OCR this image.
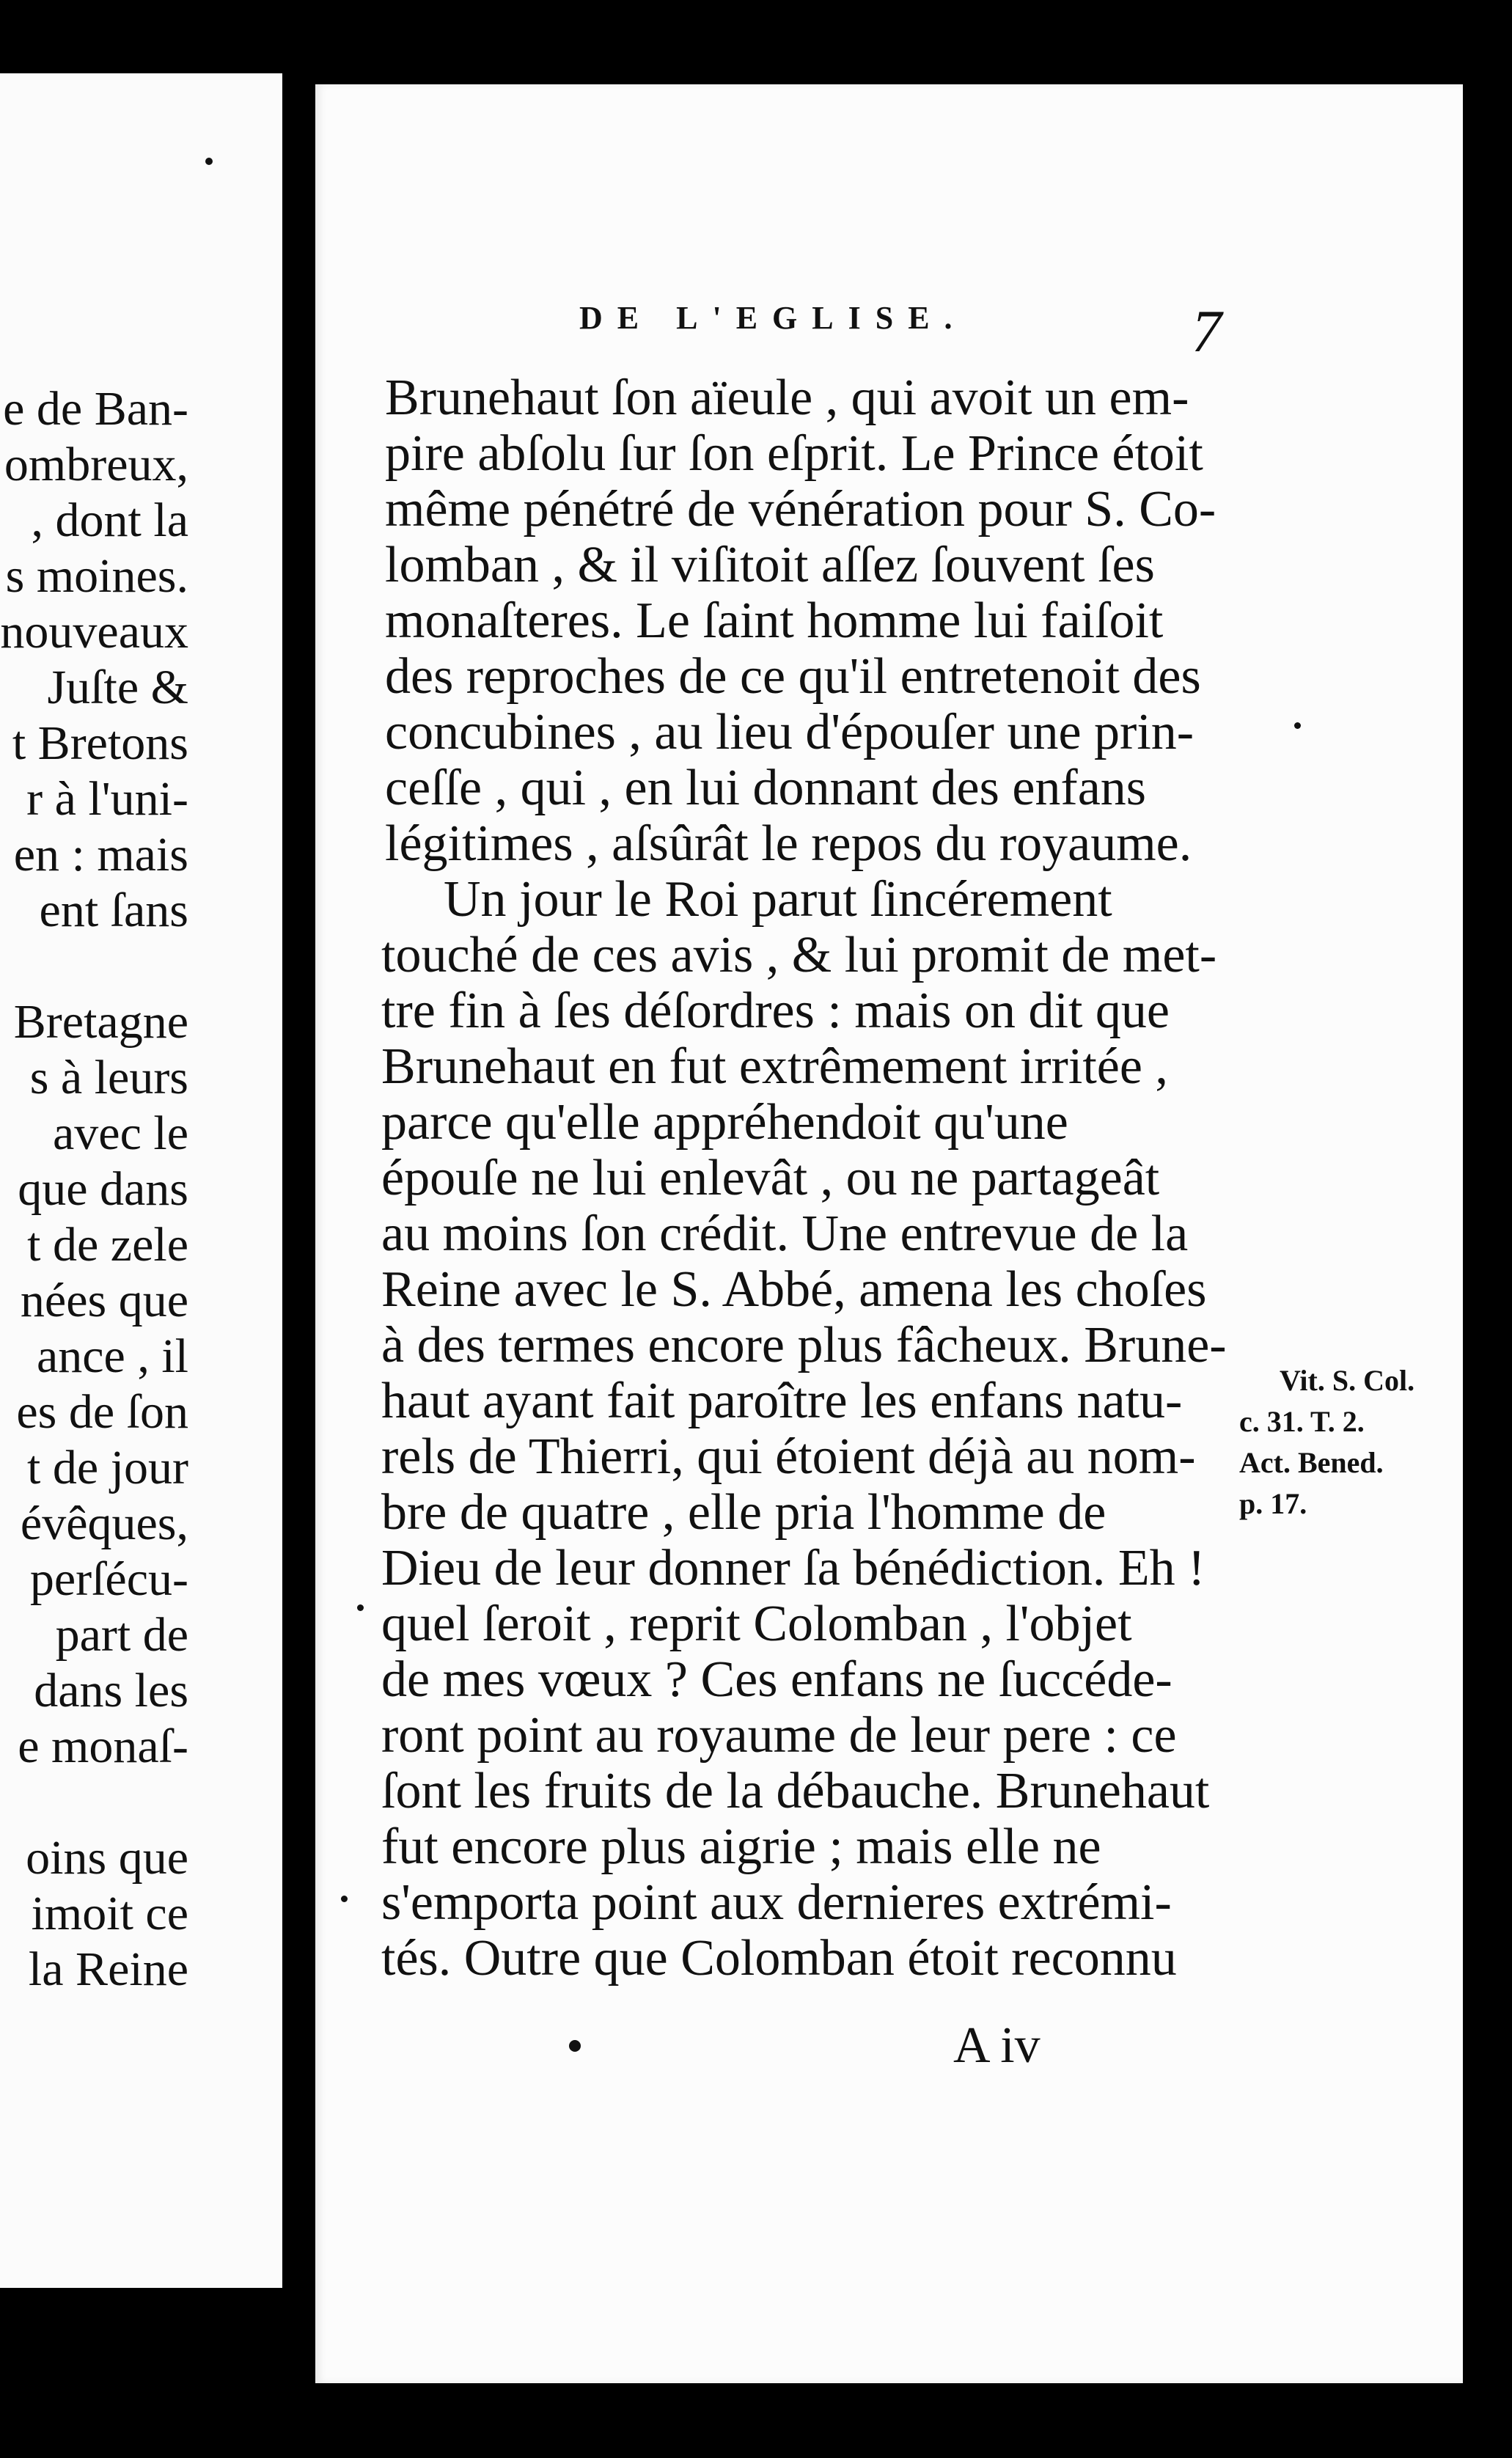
DE L'EGLISE.	7

Brunehaut ſon aïeule , qui avoit un em-

pire abſolu ſur ſon eſprit. Le Prince étoit

même pénétré de vénération pour S. Co-

lomban , & il viſitoit aſſez ſouvent ſes

monaſteres. Le ſaint homme lui faiſoit

des reproches de ce qu'il entretenoit des

concubines , au lieu d'épouſer une prin-

ceſſe , qui , en lui donnant des enfans

légitimes , aſsûrât le repos du royaume.

Un jour le Roi parut ſincérement

touché de ces avis , & lui promit de met-

tre fin à ſes déſordres : mais on dit que

Brunehaut en fut extrêmement irritée ,

parce qu'elle appréhendoit qu'une

épouſe ne lui enlevât , ou ne partageât

au moins ſon crédit. Une entrevue de la

Reine avec le S. Abbé, amena les choſes

à des termes encore plus fâcheux. Brune-

haut ayant fait paroître les enfans natu-

rels de Thierri, qui étoient déjà au nom-

bre de quatre , elle pria l'homme de

Dieu de leur donner ſa bénédiction. Eh !

quel ſeroit , reprit Colomban , l'objet

de mes vœux ? Ces enfans ne ſuccéde-

ront point au royaume de leur pere : ce

ſont les fruits de la débauche. Brunehaut

fut encore plus aigrie ; mais elle ne

s'emporta point aux dernieres extrémi-

tés. Outre que Colomban étoit reconnu

Vit. S. Col.

c. 31. T. 2.

Act. Bened.

p. 17.

A iv

e de Ban-

ombreux,

, dont la

s moines.

nouveaux

Juſte &

t Bretons

r à l'uni-

en : mais

ent ſans

Bretagne

s à leurs

avec le

que dans

t de zele

nées que

ance , il

es de ſon

t de jour

évêques,

perſécu-

part de

dans les

e monaſ-

oins que

imoit ce

la Reine
